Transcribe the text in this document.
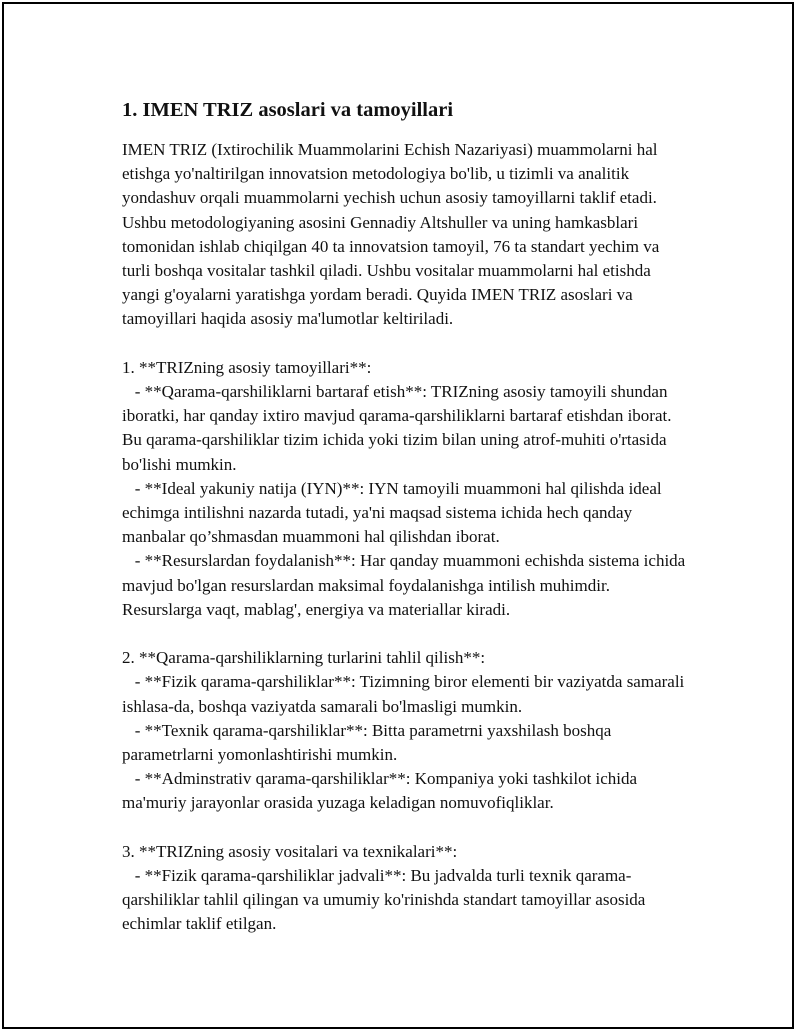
1. IMEN TRIZ asoslari va tamoyillari

IMEN TRIZ (Ixtirochilik Muammolarini Echish Nazariyasi) muammolarni hal etishga yo'naltirilgan innovatsion metodologiya bo'lib, u tizimli va analitik yondashuv orqali muammolarni yechish uchun asosiy tamoyillarni taklif etadi. Ushbu metodologiyaning asosini Gennadiy Altshuller va uning hamkasblari tomonidan ishlab chiqilgan 40 ta innovatsion tamoyil, 76 ta standart yechim va turli boshqa vositalar tashkil qiladi. Ushbu vositalar muammolarni hal etishda yangi g'oyalarni yaratishga yordam beradi. Quyida IMEN TRIZ asoslari va tamoyillari haqida asosiy ma'lumotlar keltiriladi.

1. **TRIZning asosiy tamoyillari**:

- **Qarama-qarshiliklarni bartaraf etish**: TRIZning asosiy tamoyili shundan iboratki, har qanday ixtiro mavjud qarama-qarshiliklarni bartaraf etishdan iborat. Bu qarama-qarshiliklar tizim ichida yoki tizim bilan uning atrof-muhiti o'rtasida bo'lishi mumkin.

- **Ideal yakuniy natija (IYN)**: IYN tamoyili muammoni hal qilishda ideal echimga intilishni nazarda tutadi, ya'ni maqsad sistema ichida hech qanday manbalar qo’shmasdan muammoni hal qilishdan iborat.

- **Resurslardan foydalanish**: Har qanday muammoni echishda sistema ichida mavjud bo'lgan resurslardan maksimal foydalanishga intilish muhimdir. Resurslarga vaqt, mablag', energiya va materiallar kiradi.

2. **Qarama-qarshiliklarning turlarini tahlil qilish**:

- **Fizik qarama-qarshiliklar**: Tizimning biror elementi bir vaziyatda samarali ishlasa-da, boshqa vaziyatda samarali bo'lmasligi mumkin.

- **Texnik qarama-qarshiliklar**: Bitta parametrni yaxshilash boshqa parametrlarni yomonlashtirishi mumkin.

- **Adminstrativ qarama-qarshiliklar**: Kompaniya yoki tashkilot ichida ma'muriy jarayonlar orasida yuzaga keladigan nomuvofiqliklar.

3. **TRIZning asosiy vositalari va texnikalari**:

- **Fizik qarama-qarshiliklar jadvali**: Bu jadvalda turli texnik qarama-qarshiliklar tahlil qilingan va umumiy ko'rinishda standart tamoyillar asosida echimlar taklif etilgan.
